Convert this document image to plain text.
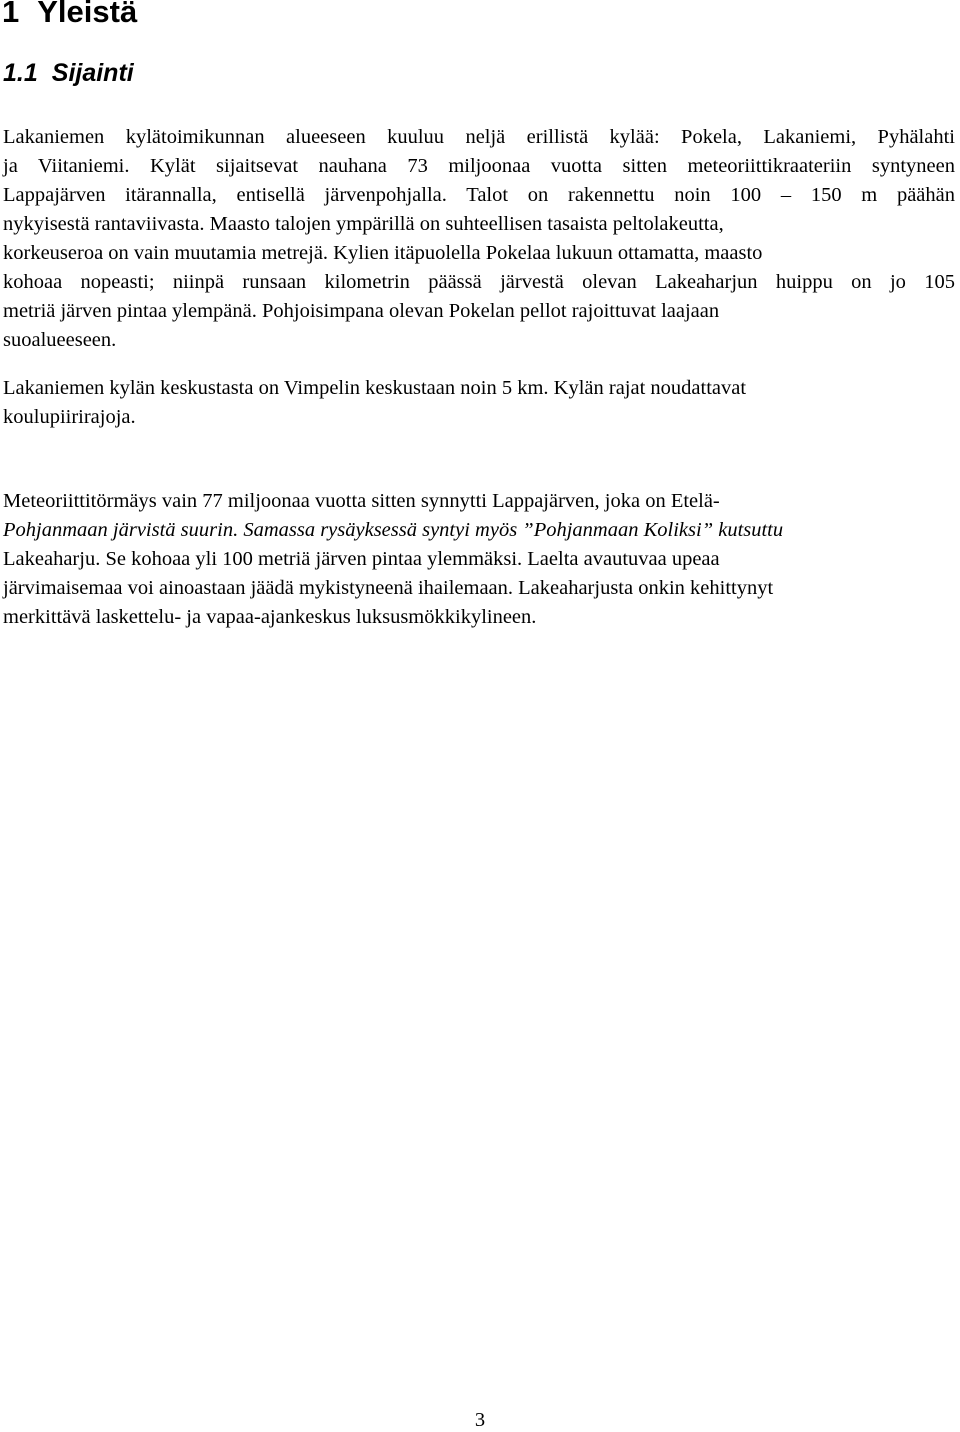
1 Yleistä
1.1 Sijainti

Lakaniemen kylätoimikunnan alueeseen kuuluu neljä erillistä kylää: Pokela, Lakaniemi, Pyhälahti
ja Viitaniemi. Kylät sijaitsevat nauhana 73 miljoonaa vuotta sitten meteoriittikraateriin syntyneen
Lappajärven itärannalla, entisellä järvenpohjalla. Talot on rakennettu noin 100 – 150 m päähän
nykyisestä rantaviivasta. Maasto talojen ympärillä on suhteellisen tasaista peltolakeutta,
korkeuseroa on vain muutamia metrejä. Kylien itäpuolella Pokelaa lukuun ottamatta, maasto
kohoaa nopeasti; niinpä runsaan kilometrin päässä järvestä olevan Lakeaharjun huippu on jo 105
metriä järven pintaa ylempänä. Pohjoisimpana olevan Pokelan pellot rajoittuvat laajaan
suoalueeseen.

Lakaniemen kylän keskustasta on Vimpelin keskustaan noin 5 km. Kylän rajat noudattavat
koulupiirirajoja.

Meteoriittitörmäys vain 77 miljoonaa vuotta sitten synnytti Lappajärven, joka on Etelä-
Pohjanmaan järvistä suurin. Samassa rysäyksessä syntyi myös ”Pohjanmaan Koliksi” kutsuttu
Lakeaharju. Se kohoaa yli 100 metriä järven pintaa ylemmäksi. Laelta avautuvaa upeaa
järvimaisemaa voi ainoastaan jäädä mykistyneenä ihailemaan. Lakeaharjusta onkin kehittynyt
merkittävä laskettelu- ja vapaa-ajankeskus luksusmökkikylineen.

3
